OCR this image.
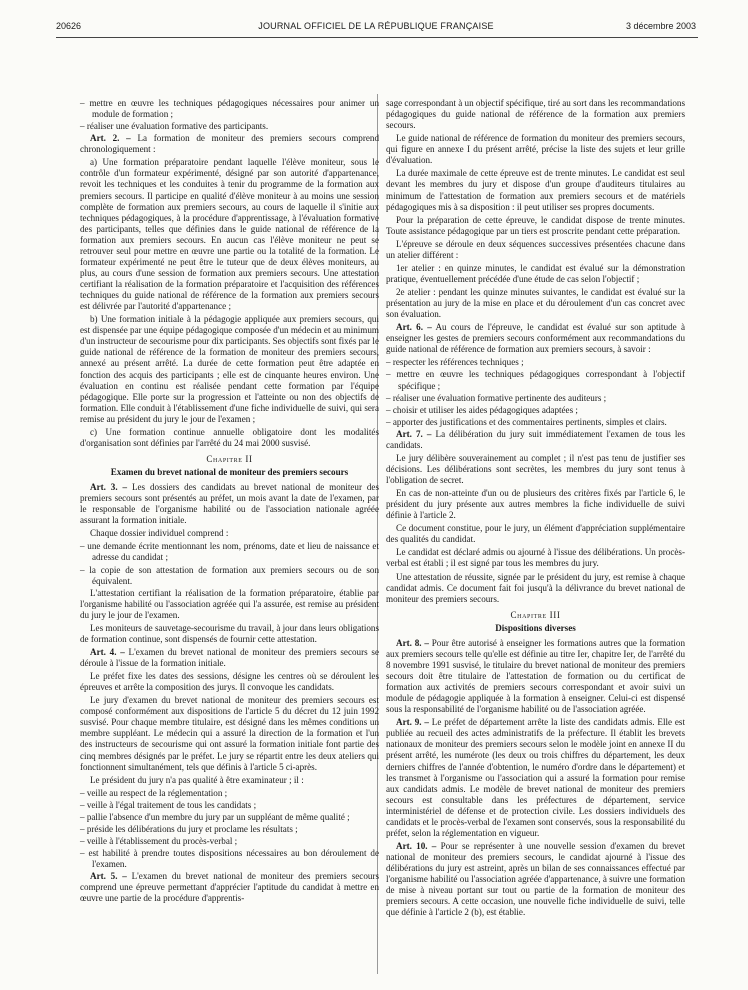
20626	JOURNAL OFFICIEL DE LA RÉPUBLIQUE FRANÇAISE	3 décembre 2003

– mettre en œuvre les techniques pédagogiques nécessaires pour animer un module de formation ;

– réaliser une évaluation formative des participants.

Art. 2. – La formation de moniteur des premiers secours comprend chronologiquement :

a) Une formation préparatoire pendant laquelle l'élève moniteur, sous le contrôle d'un formateur expérimenté, désigné par son autorité d'appartenance, revoit les techniques et les conduites à tenir du programme de la formation aux premiers secours. Il participe en qualité d'élève moniteur à au moins une session complète de formation aux premiers secours, au cours de laquelle il s'initie aux techniques pédagogiques, à la procédure d'apprentissage, à l'évaluation formative des participants, telles que définies dans le guide national de référence de la formation aux premiers secours. En aucun cas l'élève moniteur ne peut se retrouver seul pour mettre en œuvre une partie ou la totalité de la formation. Le formateur expérimenté ne peut être le tuteur que de deux élèves moniteurs, au plus, au cours d'une session de formation aux premiers secours. Une attestation certifiant la réalisation de la formation préparatoire et l'acquisition des références techniques du guide national de référence de la formation aux premiers secours est délivrée par l'autorité d'appartenance ;

b) Une formation initiale à la pédagogie appliquée aux premiers secours, qui est dispensée par une équipe pédagogique composée d'un médecin et au minimum d'un instructeur de secourisme pour dix participants. Ses objectifs sont fixés par le guide national de référence de la formation de moniteur des premiers secours, annexé au présent arrêté. La durée de cette formation peut être adaptée en fonction des acquis des participants ; elle est de cinquante heures environ. Une évaluation en continu est réalisée pendant cette formation par l'équipe pédagogique. Elle porte sur la progression et l'atteinte ou non des objectifs de formation. Elle conduit à l'établissement d'une fiche individuelle de suivi, qui sera remise au président du jury le jour de l'examen ;

c) Une formation continue annuelle obligatoire dont les modalités d'organisation sont définies par l'arrêté du 24 mai 2000 susvisé.

Chapitre II

Examen du brevet national de moniteur des premiers secours

Art. 3. – Les dossiers des candidats au brevet national de moniteur des premiers secours sont présentés au préfet, un mois avant la date de l'examen, par le responsable de l'organisme habilité ou de l'association nationale agréée assurant la formation initiale.

Chaque dossier individuel comprend :

– une demande écrite mentionnant les nom, prénoms, date et lieu de naissance et adresse du candidat ;

– la copie de son attestation de formation aux premiers secours ou de son équivalent.

L'attestation certifiant la réalisation de la formation préparatoire, établie par l'organisme habilité ou l'association agréée qui l'a assurée, est remise au président du jury le jour de l'examen.

Les moniteurs de sauvetage-secourisme du travail, à jour dans leurs obligations de formation continue, sont dispensés de fournir cette attestation.

Art. 4. – L'examen du brevet national de moniteur des premiers secours se déroule à l'issue de la formation initiale.

Le préfet fixe les dates des sessions, désigne les centres où se déroulent les épreuves et arrête la composition des jurys. Il convoque les candidats.

Le jury d'examen du brevet national de moniteur des premiers secours est composé conformément aux dispositions de l'article 5 du décret du 12 juin 1992 susvisé. Pour chaque membre titulaire, est désigné dans les mêmes conditions un membre suppléant. Le médecin qui a assuré la direction de la formation et l'un des instructeurs de secourisme qui ont assuré la formation initiale font partie des cinq membres désignés par le préfet. Le jury se répartit entre les deux ateliers qui fonctionnent simultanément, tels que définis à l'article 5 ci-après.

Le président du jury n'a pas qualité à être examinateur ; il :

– veille au respect de la réglementation ;

– veille à l'égal traitement de tous les candidats ;

– pallie l'absence d'un membre du jury par un suppléant de même qualité ;

– préside les délibérations du jury et proclame les résultats ;

– veille à l'établissement du procès-verbal ;

– est habilité à prendre toutes dispositions nécessaires au bon déroulement de l'examen.

Art. 5. – L'examen du brevet national de moniteur des premiers secours comprend une épreuve permettant d'apprécier l'aptitude du candidat à mettre en œuvre une partie de la procédure d'apprentis-

sage correspondant à un objectif spécifique, tiré au sort dans les recommandations pédagogiques du guide national de référence de la formation aux premiers secours.

Le guide national de référence de formation du moniteur des premiers secours, qui figure en annexe I du présent arrêté, précise la liste des sujets et leur grille d'évaluation.

La durée maximale de cette épreuve est de trente minutes. Le candidat est seul devant les membres du jury et dispose d'un groupe d'auditeurs titulaires au minimum de l'attestation de formation aux premiers secours et de matériels pédagogiques mis à sa disposition : il peut utiliser ses propres documents.

Pour la préparation de cette épreuve, le candidat dispose de trente minutes. Toute assistance pédagogique par un tiers est proscrite pendant cette préparation.

L'épreuve se déroule en deux séquences successives présentées chacune dans un atelier différent :

1er atelier : en quinze minutes, le candidat est évalué sur la démonstration pratique, éventuellement précédée d'une étude de cas selon l'objectif ;

2e atelier : pendant les quinze minutes suivantes, le candidat est évalué sur la présentation au jury de la mise en place et du déroulement d'un cas concret avec son évaluation.

Art. 6. – Au cours de l'épreuve, le candidat est évalué sur son aptitude à enseigner les gestes de premiers secours conformément aux recommandations du guide national de référence de formation aux premiers secours, à savoir :

– respecter les références techniques ;

– mettre en œuvre les techniques pédagogiques correspondant à l'objectif spécifique ;

– réaliser une évaluation formative pertinente des auditeurs ;

– choisir et utiliser les aides pédagogiques adaptées ;

– apporter des justifications et des commentaires pertinents, simples et clairs.

Art. 7. – La délibération du jury suit immédiatement l'examen de tous les candidats.

Le jury délibère souverainement au complet ; il n'est pas tenu de justifier ses décisions. Les délibérations sont secrètes, les membres du jury sont tenus à l'obligation de secret.

En cas de non-atteinte d'un ou de plusieurs des critères fixés par l'article 6, le président du jury présente aux autres membres la fiche individuelle de suivi définie à l'article 2.

Ce document constitue, pour le jury, un élément d'appréciation supplémentaire des qualités du candidat.

Le candidat est déclaré admis ou ajourné à l'issue des délibérations. Un procès-verbal est établi ; il est signé par tous les membres du jury.

Une attestation de réussite, signée par le président du jury, est remise à chaque candidat admis. Ce document fait foi jusqu'à la délivrance du brevet national de moniteur des premiers secours.

Chapitre III

Dispositions diverses

Art. 8. – Pour être autorisé à enseigner les formations autres que la formation aux premiers secours telle qu'elle est définie au titre Ier, chapitre Ier, de l'arrêté du 8 novembre 1991 susvisé, le titulaire du brevet national de moniteur des premiers secours doit être titulaire de l'attestation de formation ou du certificat de formation aux activités de premiers secours correspondant et avoir suivi un module de pédagogie appliquée à la formation à enseigner. Celui-ci est dispensé sous la responsabilité de l'organisme habilité ou de l'association agréée.

Art. 9. – Le préfet de département arrête la liste des candidats admis. Elle est publiée au recueil des actes administratifs de la préfecture. Il établit les brevets nationaux de moniteur des premiers secours selon le modèle joint en annexe II du présent arrêté, les numérote (les deux ou trois chiffres du département, les deux derniers chiffres de l'année d'obtention, le numéro d'ordre dans le département) et les transmet à l'organisme ou l'association qui a assuré la formation pour remise aux candidats admis. Le modèle de brevet national de moniteur des premiers secours est consultable dans les préfectures de département, service interministériel de défense et de protection civile. Les dossiers individuels des candidats et le procès-verbal de l'examen sont conservés, sous la responsabilité du préfet, selon la réglementation en vigueur.

Art. 10. – Pour se représenter à une nouvelle session d'examen du brevet national de moniteur des premiers secours, le candidat ajourné à l'issue des délibérations du jury est astreint, après un bilan de ses connaissances effectué par l'organisme habilité ou l'association agréée d'appartenance, à suivre une formation de mise à niveau portant sur tout ou partie de la formation de moniteur des premiers secours. A cette occasion, une nouvelle fiche individuelle de suivi, telle que définie à l'article 2 (b), est établie.
